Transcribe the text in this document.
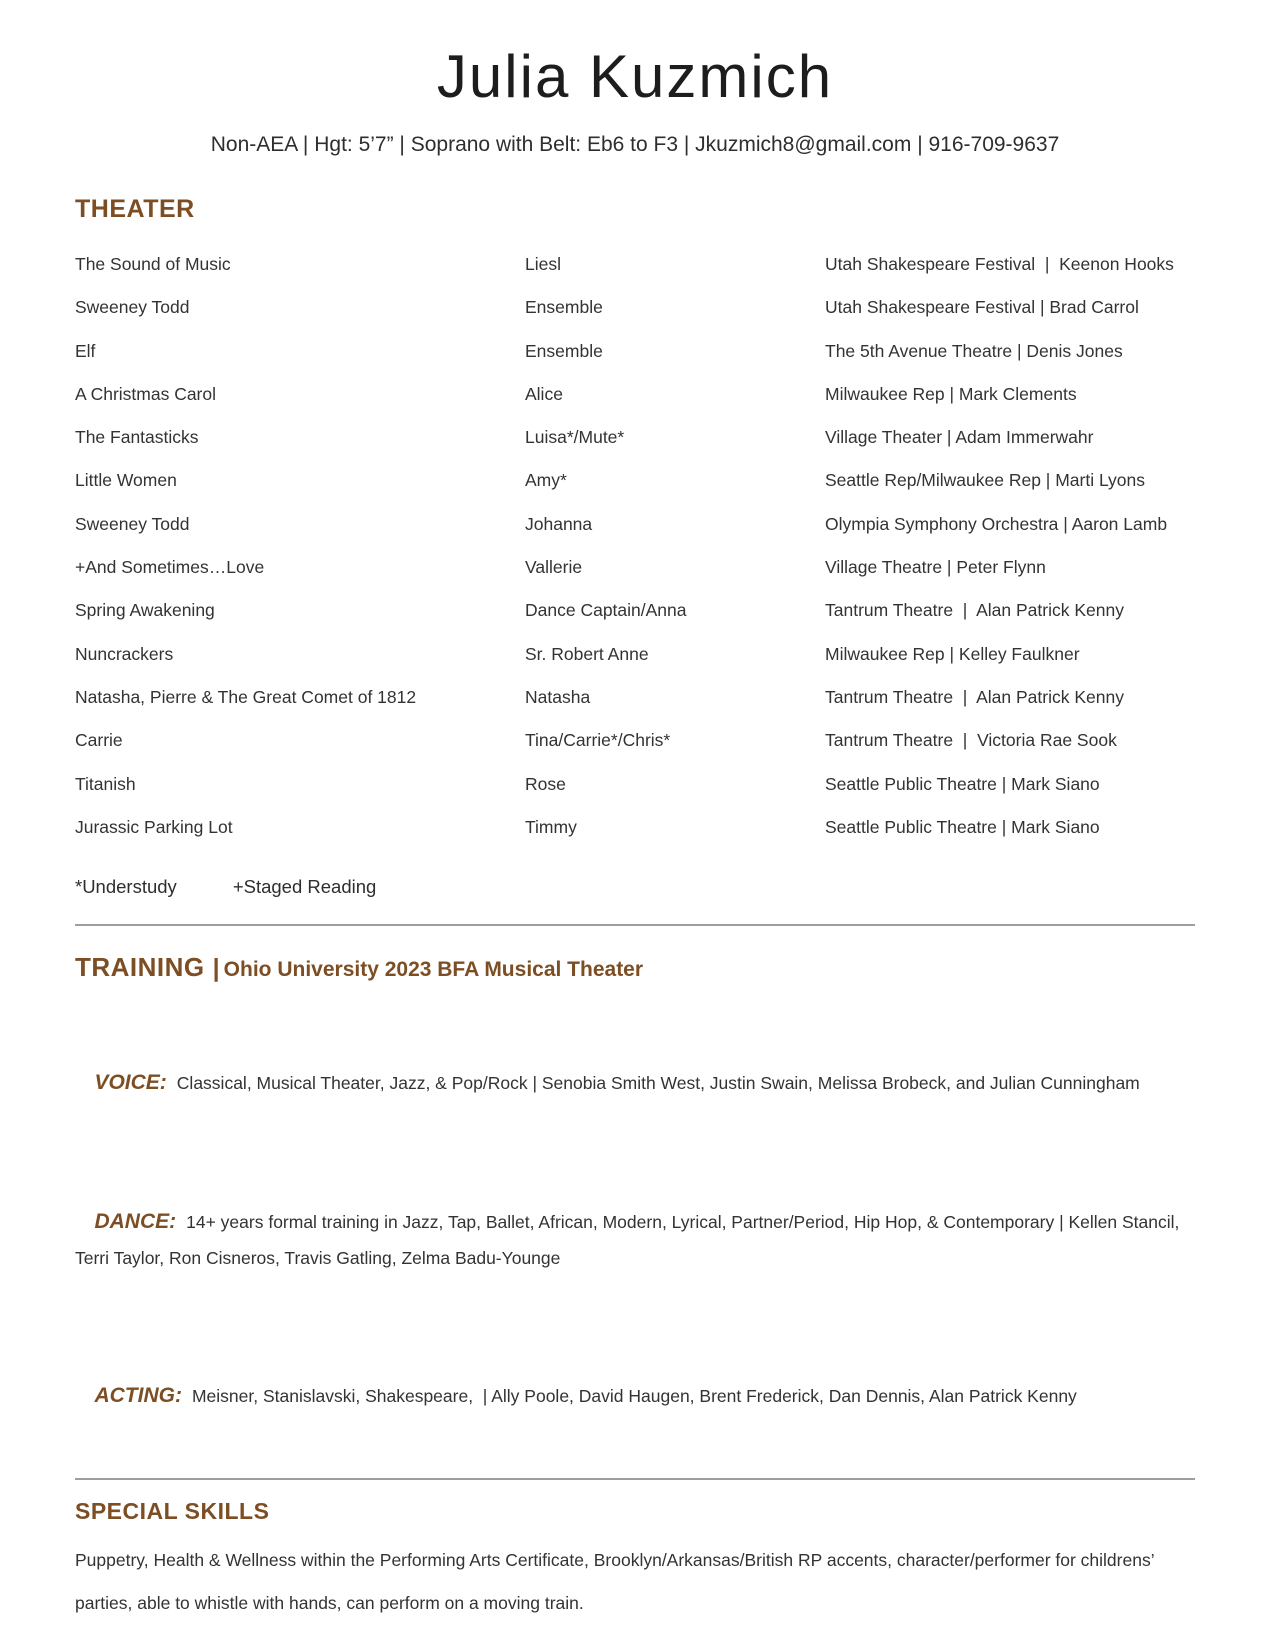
Julia Kuzmich
Non-AEA | Hgt: 5’7” | Soprano with Belt: Eb6 to F3 | Jkuzmich8@gmail.com | 916-709-9637
THEATER
The Sound of Music	Liesl	Utah Shakespeare Festival  |  Keenon Hooks
Sweeney Todd	Ensemble	Utah Shakespeare Festival | Brad Carrol
Elf	Ensemble	The 5th Avenue Theatre | Denis Jones
A Christmas Carol	Alice	Milwaukee Rep | Mark Clements
The Fantasticks	Luisa*/Mute*	Village Theater | Adam Immerwahr
Little Women	Amy*	Seattle Rep/Milwaukee Rep | Marti Lyons
Sweeney Todd	Johanna	Olympia Symphony Orchestra | Aaron Lamb
+And Sometimes…Love	Vallerie	Village Theatre | Peter Flynn
Spring Awakening	Dance Captain/Anna	Tantrum Theatre  |  Alan Patrick Kenny
Nuncrackers	Sr. Robert Anne	Milwaukee Rep | Kelley Faulkner
Natasha, Pierre & The Great Comet of 1812	Natasha	Tantrum Theatre  |  Alan Patrick Kenny
Carrie	Tina/Carrie*/Chris*	Tantrum Theatre  |  Victoria Rae Sook
Titanish	Rose	Seattle Public Theatre | Mark Siano
Jurassic Parking Lot	Timmy	Seattle Public Theatre | Mark Siano
*Understudy	+Staged Reading
TRAINING | Ohio University 2023 BFA Musical Theater

VOICE: Classical, Musical Theater, Jazz, & Pop/Rock | Senobia Smith West, Justin Swain, Melissa Brobeck, and Julian Cunningham

DANCE: 14+ years formal training in Jazz, Tap, Ballet, African, Modern, Lyrical, Partner/Period, Hip Hop, & Contemporary | Kellen Stancil, Terri Taylor, Ron Cisneros, Travis Gatling, Zelma Badu-Younge

ACTING: Meisner, Stanislavski, Shakespeare,  | Ally Poole, David Haugen, Brent Frederick, Dan Dennis, Alan Patrick Kenny

SPECIAL SKILLS
Puppetry, Health & Wellness within the Performing Arts Certificate, Brooklyn/Arkansas/British RP accents, character/performer for childrens’ parties, able to whistle with hands, can perform on a moving train.
